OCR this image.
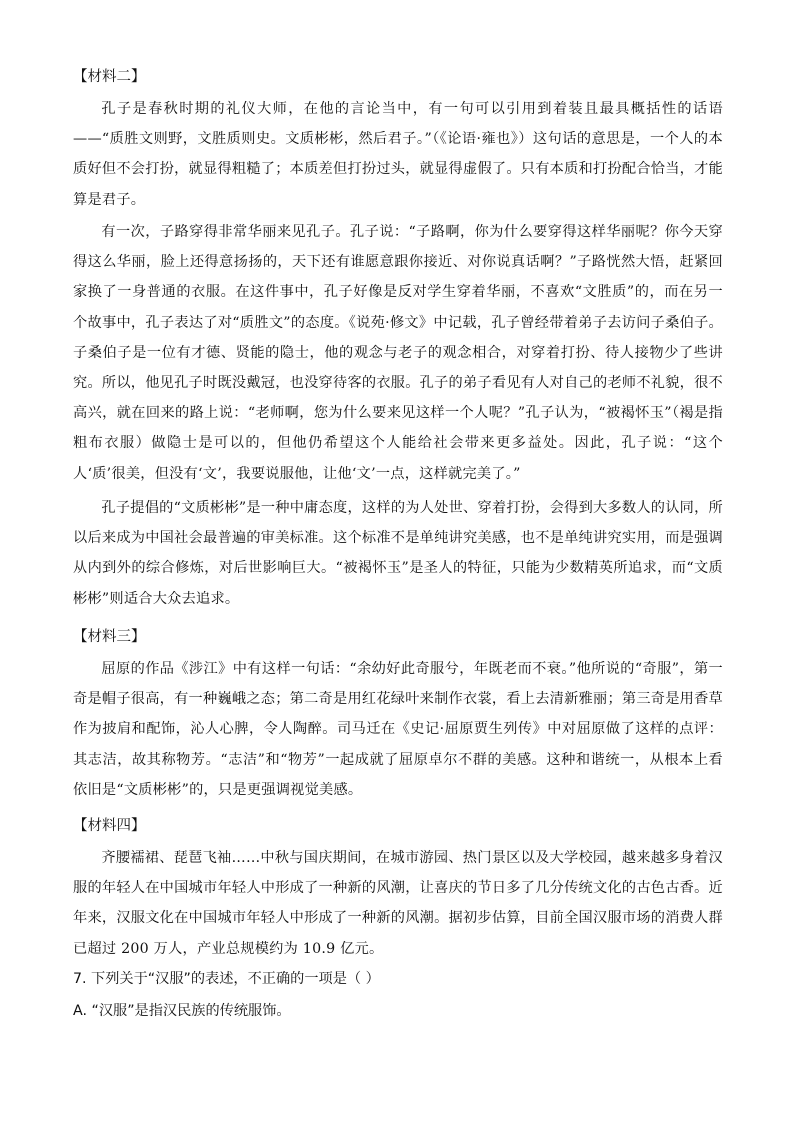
【材料二】

孔子是春秋时期的礼仪大师，在他的言论当中，有一句可以引用到着装且最具概括性的话语——“质胜文则野，文胜质则史。文质彬彬，然后君子。”（《论语·雍也》）这句话的意思是，一个人的本质好但不会打扮，就显得粗糙了；本质差但打扮过头，就显得虚假了。只有本质和打扮配合恰当，才能算是君子。

有一次，子路穿得非常华丽来见孔子。孔子说：“子路啊，你为什么要穿得这样华丽呢？你今天穿得这么华丽，脸上还得意扬扬的，天下还有谁愿意跟你接近、对你说真话啊？”子路恍然大悟，赶紧回家换了一身普通的衣服。在这件事中，孔子好像是反对学生穿着华丽，不喜欢“文胜质”的，而在另一个故事中，孔子表达了对“质胜文”的态度。《说苑·修文》中记载，孔子曾经带着弟子去访问子桑伯子。子桑伯子是一位有才德、贤能的隐士，他的观念与老子的观念相合，对穿着打扮、待人接物少了些讲究。所以，他见孔子时既没戴冠，也没穿待客的衣服。孔子的弟子看见有人对自己的老师不礼貌，很不高兴，就在回来的路上说：“老师啊，您为什么要来见这样一个人呢？”孔子认为，“被褐怀玉”（褐是指粗布衣服）做隐士是可以的，但他仍希望这个人能给社会带来更多益处。因此，孔子说：“这个人‘质’很美，但没有‘文’，我要说服他，让他‘文’一点，这样就完美了。”

孔子提倡的“文质彬彬”是一种中庸态度，这样的为人处世、穿着打扮，会得到大多数人的认同，所以后来成为中国社会最普遍的审美标准。这个标准不是单纯讲究美感，也不是单纯讲究实用，而是强调从内到外的综合修炼，对后世影响巨大。“被褐怀玉”是圣人的特征，只能为少数精英所追求，而“文质彬彬”则适合大众去追求。

【材料三】

屈原的作品《涉江》中有这样一句话：“余幼好此奇服兮，年既老而不衰。”他所说的“奇服”，第一奇是帽子很高，有一种巍峨之态；第二奇是用红花绿叶来制作衣裳，看上去清新雅丽；第三奇是用香草作为披肩和配饰，沁人心脾，令人陶醉。司马迁在《史记·屈原贾生列传》中对屈原做了这样的点评：其志洁，故其称物芳。“志洁”和“物芳”一起成就了屈原卓尔不群的美感。这种和谐统一，从根本上看依旧是“文质彬彬”的，只是更强调视觉美感。

【材料四】

齐腰襦裙、琵琶飞袖……中秋与国庆期间，在城市游园、热门景区以及大学校园，越来越多身着汉服的年轻人在中国城市年轻人中形成了一种新的风潮，让喜庆的节日多了几分传统文化的古色古香。近年来，汉服文化在中国城市年轻人中形成了一种新的风潮。据初步估算，目前全国汉服市场的消费人群已超过 200 万人，产业总规模约为 10.9 亿元。

7. 下列关于“汉服”的表述，不正确的一项是（ ）
A. “汉服”是指汉民族的传统服饰。
